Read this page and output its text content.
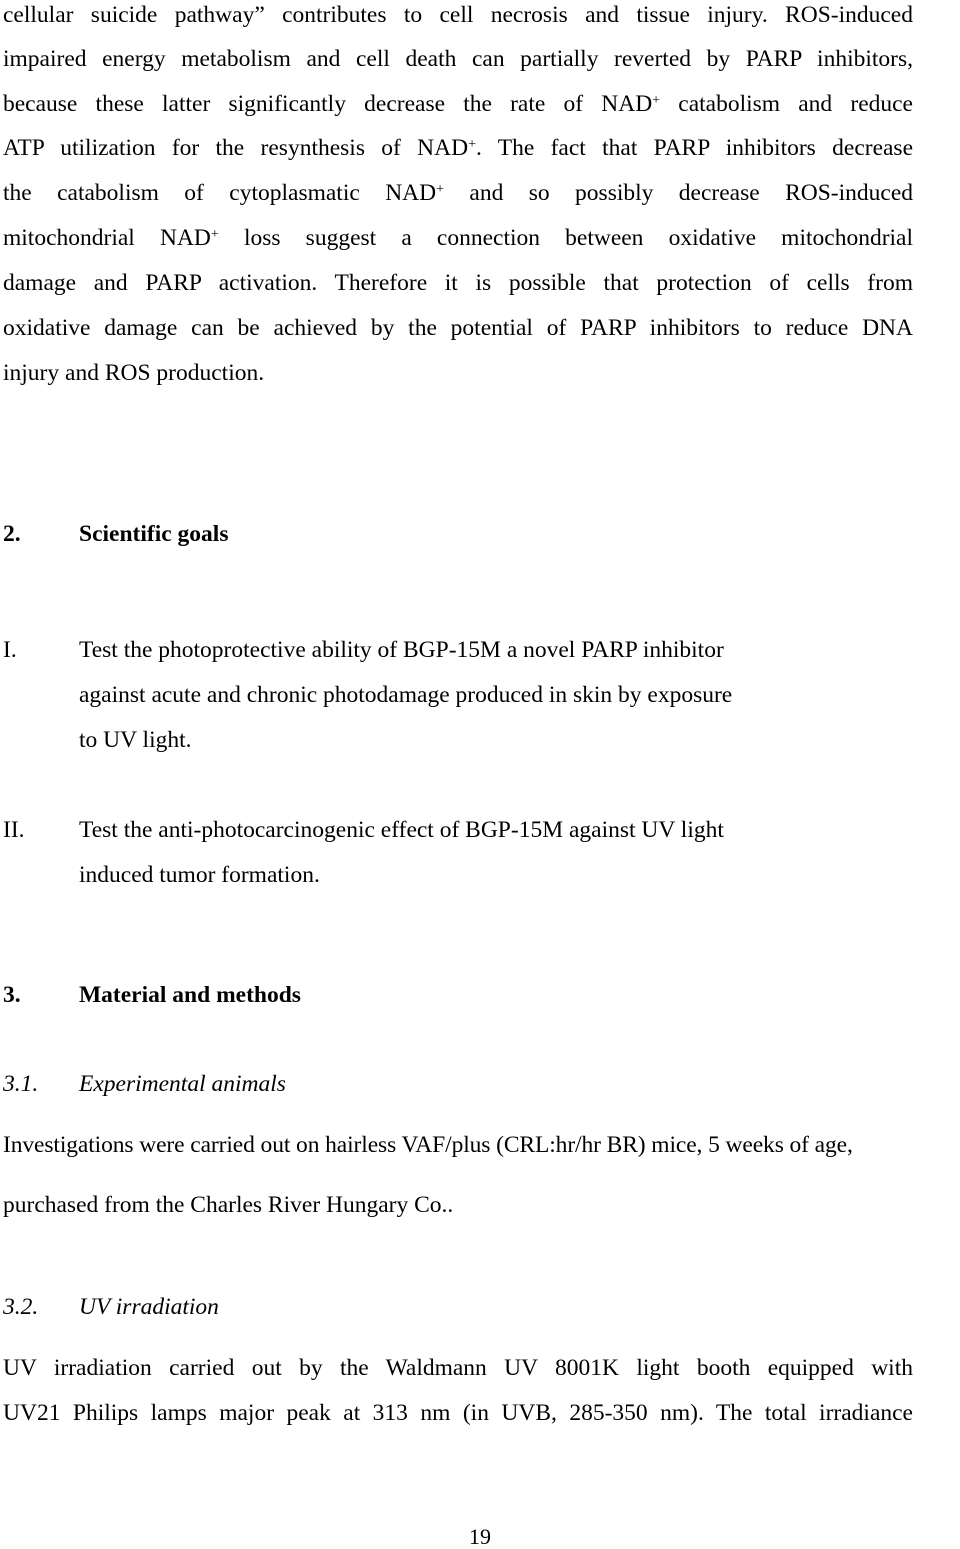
cellular suicide pathway” contributes to cell necrosis and tissue injury. ROS-induced
impaired energy metabolism and cell death can partially reverted by PARP inhibitors,
because these latter significantly decrease the rate of NAD+ catabolism and reduce
ATP utilization for the resynthesis of NAD+. The fact that PARP inhibitors decrease
the catabolism of cytoplasmatic NAD+ and so possibly decrease ROS-induced
mitochondrial NAD+ loss suggest a connection between oxidative mitochondrial
damage and PARP activation. Therefore it is possible that protection of cells from
oxidative damage can be achieved by the potential of PARP inhibitors to reduce DNA
injury and ROS production.
2. Scientific goals
I.	Test the photoprotective ability of BGP-15M a novel PARP inhibitor
against acute and chronic photodamage produced in skin by exposure
to UV light.
II. Test the anti-photocarcinogenic effect of BGP-15M against UV light
induced tumor formation.
3. Material and methods
3.1. Experimental animals
Investigations were carried out on hairless VAF/plus (CRL:hr/hr BR) mice, 5 weeks of age,
purchased from the Charles River Hungary Co..
3.2. UV irradiation
UV irradiation carried out by the Waldmann UV 8001K light booth equipped with
UV21 Philips lamps major peak at 313 nm (in UVB, 285-350 nm). The total irradiance
19
